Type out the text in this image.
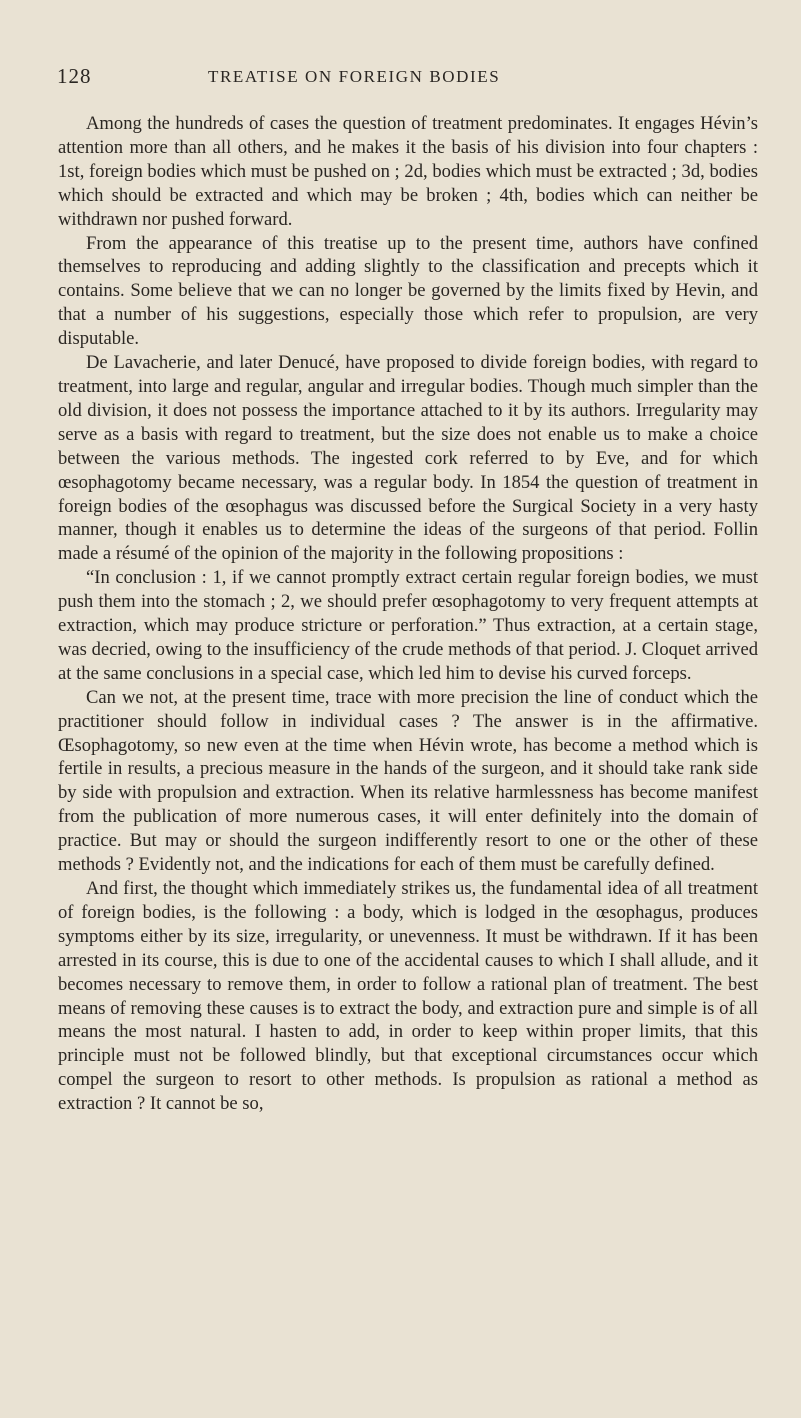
128	TREATISE ON FOREIGN BODIES

Among the hundreds of cases the question of treatment predominates. It engages Hévin’s attention more than all others, and he makes it the basis of his division into four chapters : 1st, foreign bodies which must be pushed on ; 2d, bodies which must be extracted ; 3d, bodies which should be extracted and which may be broken ; 4th, bodies which can neither be withdrawn nor pushed forward.

From the appearance of this treatise up to the present time, authors have confined themselves to reproducing and adding slightly to the classification and precepts which it contains. Some believe that we can no longer be governed by the limits fixed by Hevin, and that a number of his suggestions, especially those which refer to propulsion, are very disputable.

De Lavacherie, and later Denucé, have proposed to divide foreign bodies, with regard to treatment, into large and regular, angular and irregular bodies. Though much simpler than the old division, it does not possess the importance attached to it by its authors. Irregularity may serve as a basis with regard to treatment, but the size does not enable us to make a choice between the various methods. The ingested cork referred to by Eve, and for which œsophagotomy became necessary, was a regular body. In 1854 the question of treatment in foreign bodies of the œsophagus was discussed before the Surgical Society in a very hasty manner, though it enables us to determine the ideas of the surgeons of that period. Follin made a résumé of the opinion of the majority in the following propositions :

“In conclusion : 1, if we cannot promptly extract certain regular foreign bodies, we must push them into the stomach ; 2, we should prefer œsophagotomy to very frequent attempts at extraction, which may produce stricture or perforation.” Thus extraction, at a certain stage, was decried, owing to the insufficiency of the crude methods of that period. J. Cloquet arrived at the same conclusions in a special case, which led him to devise his curved forceps.

Can we not, at the present time, trace with more precision the line of conduct which the practitioner should follow in individual cases ? The answer is in the affirmative. Œsophagotomy, so new even at the time when Hévin wrote, has become a method which is fertile in results, a precious measure in the hands of the surgeon, and it should take rank side by side with propulsion and extraction. When its relative harmlessness has become manifest from the publication of more numerous cases, it will enter definitely into the domain of practice. But may or should the surgeon indifferently resort to one or the other of these methods ? Evidently not, and the indications for each of them must be carefully defined.

And first, the thought which immediately strikes us, the fundamental idea of all treatment of foreign bodies, is the following : a body, which is lodged in the œsophagus, produces symptoms either by its size, irregularity, or unevenness. It must be withdrawn. If it has been arrested in its course, this is due to one of the accidental causes to which I shall allude, and it becomes necessary to remove them, in order to follow a rational plan of treatment. The best means of removing these causes is to extract the body, and extraction pure and simple is of all means the most natural. I hasten to add, in order to keep within proper limits, that this principle must not be followed blindly, but that exceptional circumstances occur which compel the surgeon to resort to other methods. Is propulsion as rational a method as extraction ? It cannot be so,
